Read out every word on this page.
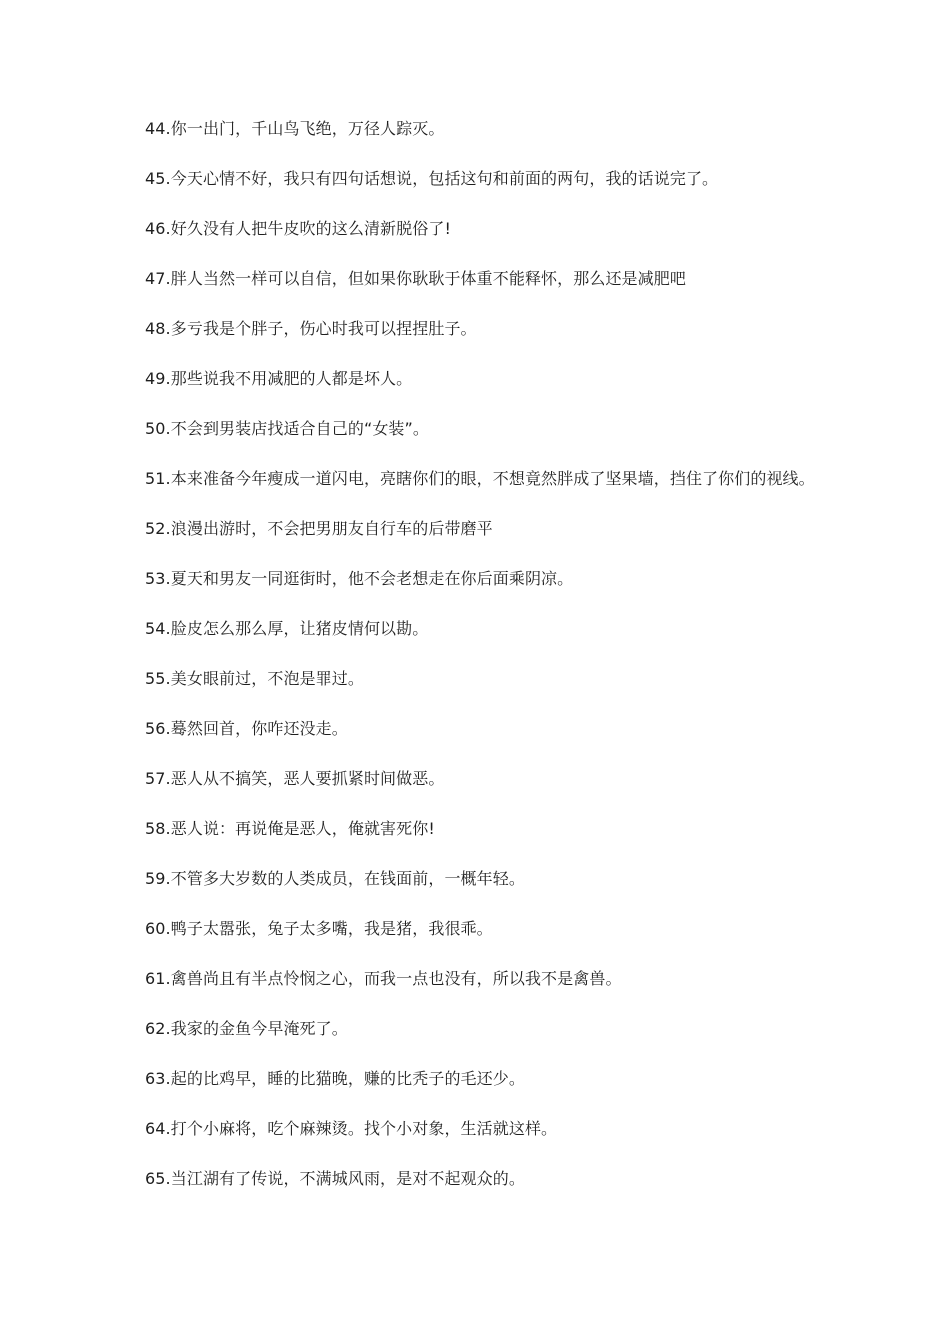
44.你一出门，千山鸟飞绝，万径人踪灭。

45.今天心情不好，我只有四句话想说，包括这句和前面的两句，我的话说完了。

46.好久没有人把牛皮吹的这么清新脱俗了!

47.胖人当然一样可以自信，但如果你耿耿于体重不能释怀，那么还是减肥吧

48.多亏我是个胖子，伤心时我可以捏捏肚子。

49.那些说我不用减肥的人都是坏人。

50.不会到男装店找适合自己的“女装”。

51.本来准备今年瘦成一道闪电，亮瞎你们的眼，不想竟然胖成了坚果墙，挡住了你们的视线。

52.浪漫出游时，不会把男朋友自行车的后带磨平

53.夏天和男友一同逛街时，他不会老想走在你后面乘阴凉。

54.脸皮怎么那么厚，让猪皮情何以勘。

55.美女眼前过，不泡是罪过。

56.蓦然回首，你咋还没走。

57.恶人从不搞笑，恶人要抓紧时间做恶。

58.恶人说：再说俺是恶人，俺就害死你!

59.不管多大岁数的人类成员，在钱面前，一概年轻。

60.鸭子太嚣张，兔子太多嘴，我是猪，我很乖。

61.禽兽尚且有半点怜悯之心，而我一点也没有，所以我不是禽兽。

62.我家的金鱼今早淹死了。

63.起的比鸡早，睡的比猫晚，赚的比秃子的毛还少。

64.打个小麻将，吃个麻辣烫。找个小对象，生活就这样。

65.当江湖有了传说，不满城风雨，是对不起观众的。
